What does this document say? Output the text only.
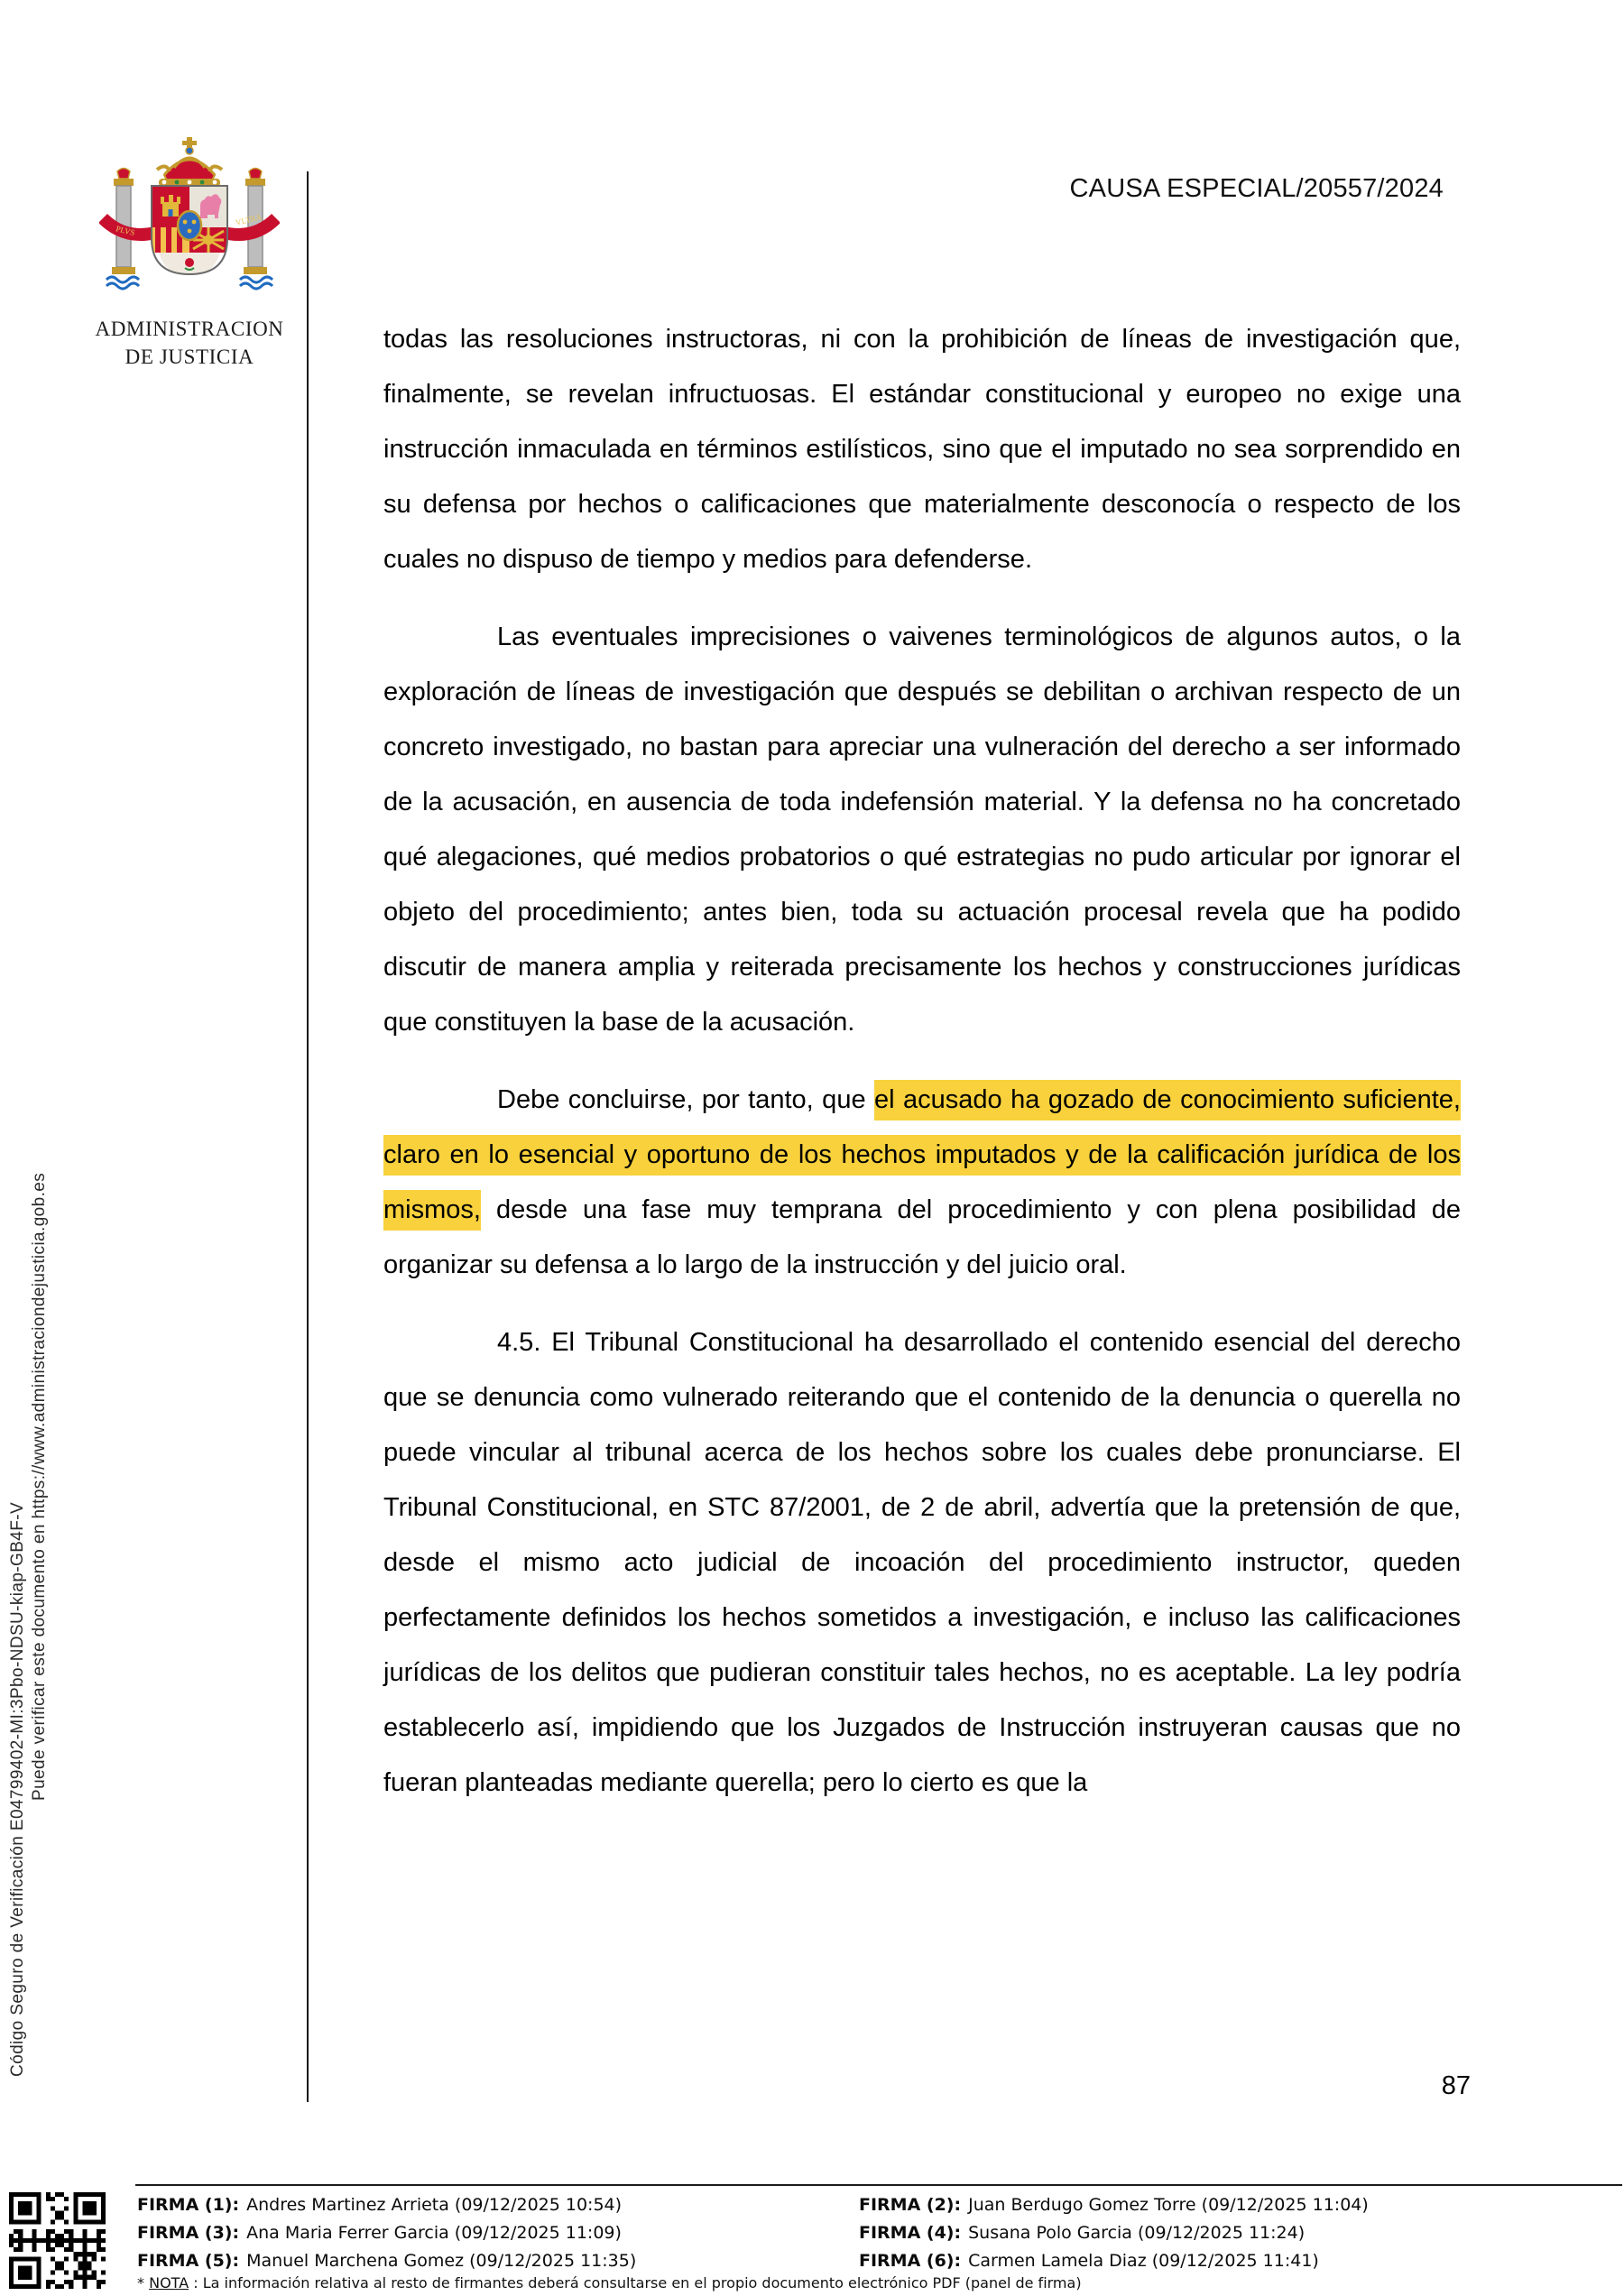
PLVS
VLTRA
ADMINISTRACION
DE JUSTICIA
CAUSA ESPECIAL/20557/2024

todas las resoluciones instructoras, ni con la prohibición de líneas de investigación que, finalmente, se revelan infructuosas. El estándar constitucional y europeo no exige una instrucción inmaculada en términos estilísticos, sino que el imputado no sea sorprendido en su defensa por hechos o calificaciones que materialmente desconocía o respecto de los cuales no dispuso de tiempo y medios para defenderse.

Las eventuales imprecisiones o vaivenes terminológicos de algunos autos, o la exploración de líneas de investigación que después se debilitan o archivan respecto de un concreto investigado, no bastan para apreciar una vulneración del derecho a ser informado de la acusación, en ausencia de toda indefensión material. Y la defensa no ha concretado qué alegaciones, qué medios probatorios o qué estrategias no pudo articular por ignorar el objeto del procedimiento; antes bien, toda su actuación procesal revela que ha podido discutir de manera amplia y reiterada precisamente los hechos y construcciones jurídicas que constituyen la base de la acusación.

Debe concluirse, por tanto, que el acusado ha gozado de conocimiento suficiente, claro en lo esencial y oportuno de los hechos imputados y de la calificación jurídica de los mismos, desde una fase muy temprana del procedimiento y con plena posibilidad de organizar su defensa a lo largo de la instrucción y del juicio oral.

4.5. El Tribunal Constitucional ha desarrollado el contenido esencial del derecho que se denuncia como vulnerado reiterando que el contenido de la denuncia o querella no puede vincular al tribunal acerca de los hechos sobre los cuales debe pronunciarse. El Tribunal Constitucional, en STC 87/2001, de 2 de abril, advertía que la pretensión de que, desde el mismo acto judicial de incoación del procedimiento instructor, queden perfectamente definidos los hechos sometidos a investigación, e incluso las calificaciones jurídicas de los delitos que pudieran constituir tales hechos, no es aceptable. La ley podría establecerlo así, impidiendo que los Juzgados de Instrucción instruyeran causas que no fueran planteadas mediante querella; pero lo cierto es que la

87
Código Seguro de Verificación E04799402-MI:3Pbo-NDSU-kiap-GB4F-V Puede verificar este documento en https://www.administraciondejusticia.gob.es
FIRMA (1): Andres Martinez Arrieta (09/12/2025 10:54)
FIRMA (3): Ana Maria Ferrer Garcia (09/12/2025 11:09)
FIRMA (5): Manuel Marchena Gomez (09/12/2025 11:35)
FIRMA (2): Juan Berdugo Gomez Torre (09/12/2025 11:04)
FIRMA (4): Susana Polo Garcia (09/12/2025 11:24)
FIRMA (6): Carmen Lamela Diaz (09/12/2025 11:41)
* NOTA : La información relativa al resto de firmantes deberá consultarse en el propio documento electrónico PDF (panel de firma)
